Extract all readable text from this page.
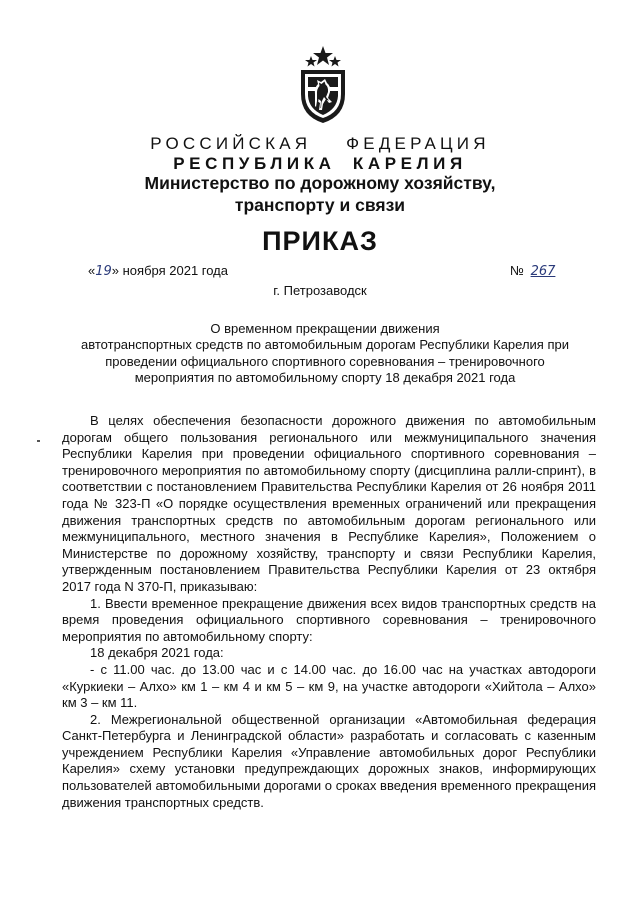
РОССИЙСКАЯ ФЕДЕРАЦИЯ
РЕСПУБЛИКА КАРЕЛИЯ
Министерство по дорожному хозяйству,
транспорту и связи
ПРИКАЗ
«19» ноября 2021 года	№ 267
г. Петрозаводск
О временном прекращении движения
автотранспортных средств по автомобильным дорогам Республики Карелия при проведении официального спортивного соревнования – тренировочного мероприятия по автомобильному спорту 18 декабря 2021 года

В целях обеспечения безопасности дорожного движения по автомобильным дорогам общего пользования регионального или межмуниципального значения Республики Карелия при проведении официального спортивного соревнования – тренировочного мероприятия по автомобильному спорту (дисциплина ралли-спринт), в соответствии с постановлением Правительства Республики Карелия от 26 ноября 2011 года № 323-П «О порядке осуществления временных ограничений или прекращения движения транспортных средств по автомобильным дорогам регионального или межмуниципального, местного значения в Республике Карелия», Положением о Министерстве по дорожному хозяйству, транспорту и связи Республики Карелия, утвержденным постановлением Правительства Республики Карелия от 23 октября 2017 года N 370-П, приказываю:

1. Ввести временное прекращение движения всех видов транспортных средств на время проведения официального спортивного соревнования – тренировочного мероприятия по автомобильному спорту:

18 декабря 2021 года:

- с 11.00 час. до 13.00 час и с 14.00 час. до 16.00 час на участках автодороги «Куркиеки – Алхо» км 1 – км 4 и км 5 – км 9, на участке автодороги «Хийтола – Алхо» км 3 – км 11.

2. Межрегиональной общественной организации «Автомобильная федерация Санкт-Петербурга и Ленинградской области» разработать и согласовать с казенным учреждением Республики Карелия «Управление автомобильных дорог Республики Карелия» схему установки предупреждающих дорожных знаков, информирующих пользователей автомобильными дорогами о сроках введения временного прекращения движения транспортных средств.
